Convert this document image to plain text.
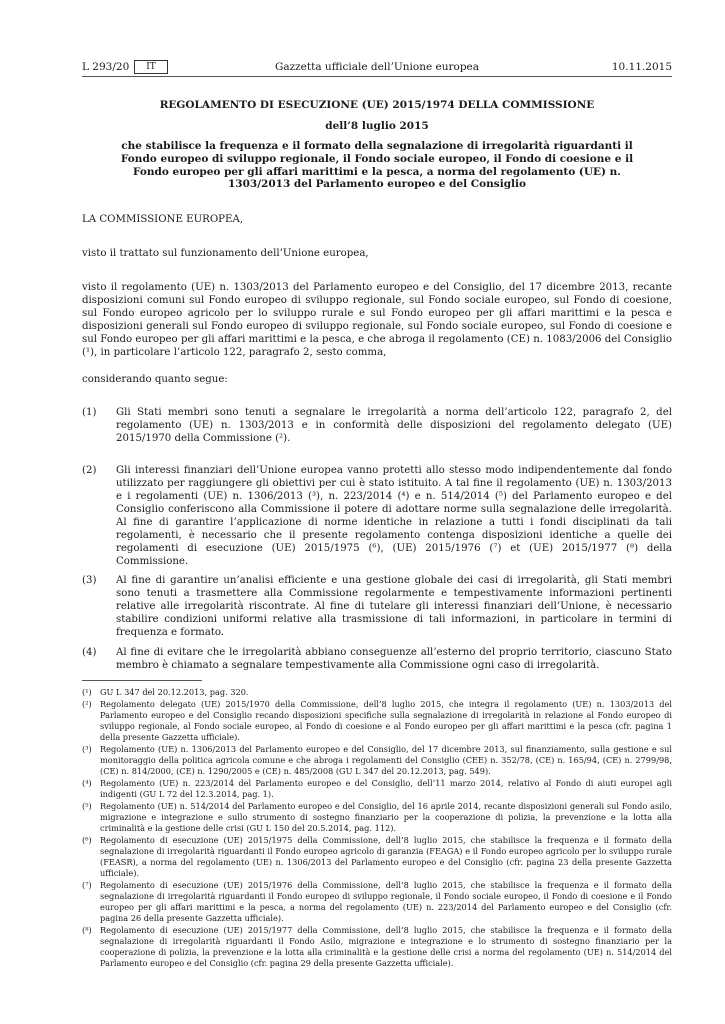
L 293/20	IT	Gazzetta ufficiale dell’Unione europea	10.11.2015
REGOLAMENTO DI ESECUZIONE (UE) 2015/1974 DELLA COMMISSIONE
dell’8 luglio 2015
che stabilisce la frequenza e il formato della segnalazione di irregolarità riguardanti il Fondo europeo di sviluppo regionale, il Fondo sociale europeo, il Fondo di coesione e il Fondo europeo per gli affari marittimi e la pesca, a norma del regolamento (UE) n. 1303/2013 del Parlamento europeo e del Consiglio
LA COMMISSIONE EUROPEA,
visto il trattato sul funzionamento dell’Unione europea,
visto il regolamento (UE) n. 1303/2013 del Parlamento europeo e del Consiglio, del 17 dicembre 2013, recante disposizioni comuni sul Fondo europeo di sviluppo regionale, sul Fondo sociale europeo, sul Fondo di coesione, sul Fondo europeo agricolo per lo sviluppo rurale e sul Fondo europeo per gli affari marittimi e la pesca e disposizioni generali sul Fondo europeo di sviluppo regionale, sul Fondo sociale europeo, sul Fondo di coesione e sul Fondo europeo per gli affari marittimi e la pesca, e che abroga il regolamento (CE) n. 1083/2006 del Consiglio (¹), in particolare l’articolo 122, paragrafo 2, sesto comma,
considerando quanto segue:
(1) Gli Stati membri sono tenuti a segnalare le irregolarità a norma dell’articolo 122, paragrafo 2, del regolamento (UE) n. 1303/2013 e in conformità delle disposizioni del regolamento delegato (UE) 2015/1970 della Commissione (²).
(2) Gli interessi finanziari dell’Unione europea vanno protetti allo stesso modo indipendentemente dal fondo utilizzato per raggiungere gli obiettivi per cui è stato istituito. A tal fine il regolamento (UE) n. 1303/2013 e i regolamenti (UE) n. 1306/2013 (³), n. 223/2014 (⁴) e n. 514/2014 (⁵) del Parlamento europeo e del Consiglio conferiscono alla Commissione il potere di adottare norme sulla segnalazione delle irregolarità. Al fine di garantire l’applicazione di norme identiche in relazione a tutti i fondi disciplinati da tali regolamenti, è necessario che il presente regolamento contenga disposizioni identiche a quelle dei regolamenti di esecuzione (UE) 2015/1975 (⁶), (UE) 2015/1976 (⁷) et (UE) 2015/1977 (⁸) della Commissione.
(3) Al fine di garantire un’analisi efficiente e una gestione globale dei casi di irregolarità, gli Stati membri sono tenuti a trasmettere alla Commissione regolarmente e tempestivamente informazioni pertinenti relative alle irregolarità riscontrate. Al fine di tutelare gli interessi finanziari dell’Unione, è necessario stabilire condizioni uniformi relative alla trasmissione di tali informazioni, in particolare in termini di frequenza e formato.
(4) Al fine di evitare che le irregolarità abbiano conseguenze all’esterno del proprio territorio, ciascuno Stato membro è chiamato a segnalare tempestivamente alla Commissione ogni caso di irregolarità.
(¹) GU L 347 del 20.12.2013, pag. 320.
(²) Regolamento delegato (UE) 2015/1970 della Commissione, dell’8 luglio 2015, che integra il regolamento (UE) n. 1303/2013 del Parlamento europeo e del Consiglio recando disposizioni specifiche sulla segnalazione di irregolarità in relazione al Fondo europeo di sviluppo regionale, al Fondo sociale europeo, al Fondo di coesione e al Fondo europeo per gli affari marittimi e la pesca (cfr. pagina 1 della presente Gazzetta ufficiale).
(³) Regolamento (UE) n. 1306/2013 del Parlamento europeo e del Consiglio, del 17 dicembre 2013, sul finanziamento, sulla gestione e sul monitoraggio della politica agricola comune e che abroga i regolamenti del Consiglio (CEE) n. 352/78, (CE) n. 165/94, (CE) n. 2799/98, (CE) n. 814/2000, (CE) n. 1290/2005 e (CE) n. 485/2008 (GU L 347 del 20.12.2013, pag. 549).
(⁴) Regolamento (UE) n. 223/2014 del Parlamento europeo e del Consiglio, dell’11 marzo 2014, relativo al Fondo di aiuti europei agli indigenti (GU L 72 del 12.3.2014, pag. 1).
(⁵) Regolamento (UE) n. 514/2014 del Parlamento europeo e del Consiglio, del 16 aprile 2014, recante disposizioni generali sul Fondo asilo, migrazione e integrazione e sullo strumento di sostegno finanziario per la cooperazione di polizia, la prevenzione e la lotta alla criminalità e la gestione delle crisi (GU L 150 del 20.5.2014, pag. 112).
(⁶) Regolamento di esecuzione (UE) 2015/1975 della Commissione, dell’8 luglio 2015, che stabilisce la frequenza e il formato della segnalazione di irregolarità riguardanti il Fondo europeo agricolo di garanzia (FEAGA) e il Fondo europeo agricolo per lo sviluppo rurale (FEASR), a norma del regolamento (UE) n. 1306/2013 del Parlamento europeo e del Consiglio (cfr. pagina 23 della presente Gazzetta ufficiale).
(⁷) Regolamento di esecuzione (UE) 2015/1976 della Commissione, dell’8 luglio 2015, che stabilisce la frequenza e il formato della segnalazione di irregolarità riguardanti il Fondo europeo di sviluppo regionale, il Fondo sociale europeo, il Fondo di coesione e il Fondo europeo per gli affari marittimi e la pesca, a norma del regolamento (UE) n. 223/2014 del Parlamento europeo e del Consiglio (cfr. pagina 26 della presente Gazzetta ufficiale).
(⁸) Regolamento di esecuzione (UE) 2015/1977 della Commissione, dell’8 luglio 2015, che stabilisce la frequenza e il formato della segnalazione di irregolarità riguardanti il Fondo Asilo, migrazione e integrazione e lo strumento di sostegno finanziario per la cooperazione di polizia, la prevenzione e la lotta alla criminalità e la gestione delle crisi a norma del regolamento (UE) n. 514/2014 del Parlamento europeo e del Consiglio (cfr. pagina 29 della presente Gazzetta ufficiale).
